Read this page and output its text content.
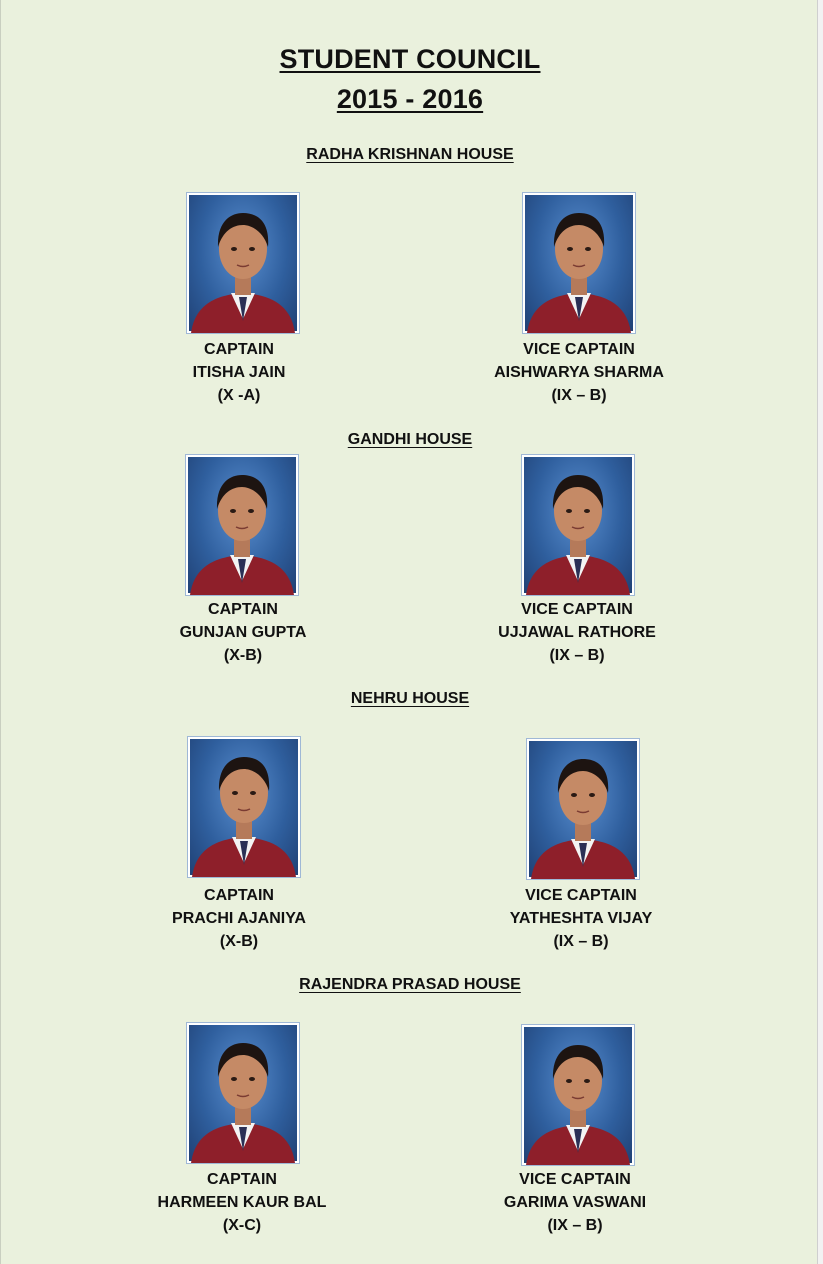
STUDENT COUNCIL
2015 - 2016
RADHA KRISHNAN HOUSE
CAPTAIN
ITISHA JAIN
(X -A)
VICE CAPTAIN
AISHWARYA SHARMA
(IX – B)
GANDHI HOUSE
CAPTAIN
GUNJAN GUPTA
(X-B)
VICE CAPTAIN
UJJAWAL RATHORE
(IX – B)
NEHRU HOUSE
CAPTAIN
PRACHI AJANIYA
(X-B)
VICE CAPTAIN
YATHESHTA VIJAY
(IX – B)
RAJENDRA PRASAD HOUSE
CAPTAIN
HARMEEN KAUR BAL
(X-C)
VICE CAPTAIN
GARIMA VASWANI
(IX – B)
